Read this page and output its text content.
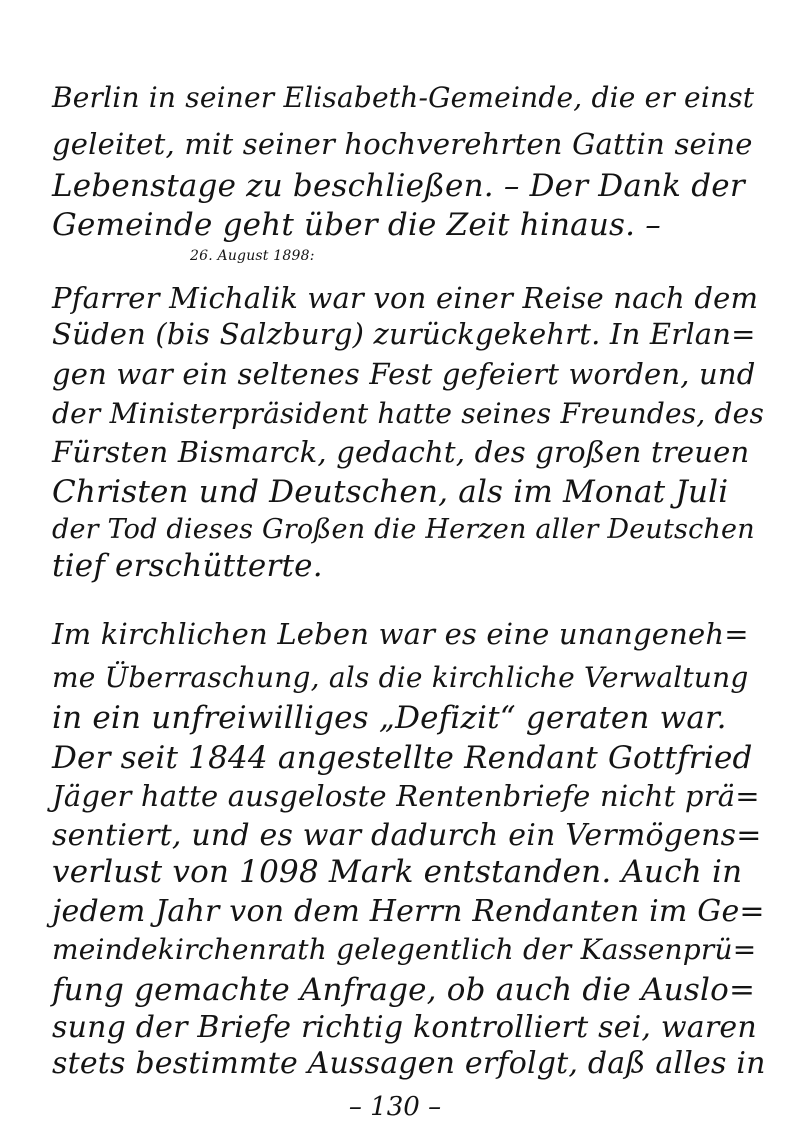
Berlin in seiner Elisabeth-Gemeinde, die er einst
geleitet, mit seiner hochverehrten Gattin seine
Lebenstage zu beschließen. – Der Dank der
Gemeinde geht über die Zeit hinaus. –
26. August 1898:
Pfarrer Michalik war von einer Reise nach dem
Süden (bis Salzburg) zurückgekehrt. In Erlan=
gen war ein seltenes Fest gefeiert worden, und
der Ministerpräsident hatte seines Freundes, des
Fürsten Bismarck, gedacht, des großen treuen
Christen und Deutschen, als im Monat Juli
der Tod dieses Großen die Herzen aller Deutschen
tief erschütterte.
Im kirchlichen Leben war es eine unangeneh=
me Überraschung, als die kirchliche Verwaltung
in ein unfreiwilliges „Defizit“ geraten war.
Der seit 1844 angestellte Rendant Gottfried
Jäger hatte ausgeloste Rentenbriefe nicht prä=
sentiert, und es war dadurch ein Vermögens=
verlust von 1098 Mark entstanden. Auch in
jedem Jahr von dem Herrn Rendanten im Ge=
meindekirchenrath gelegentlich der Kassenprü=
fung gemachte Anfrage, ob auch die Auslo=
sung der Briefe richtig kontrolliert sei, waren
stets bestimmte Aussagen erfolgt, daß alles in
– 130 –
